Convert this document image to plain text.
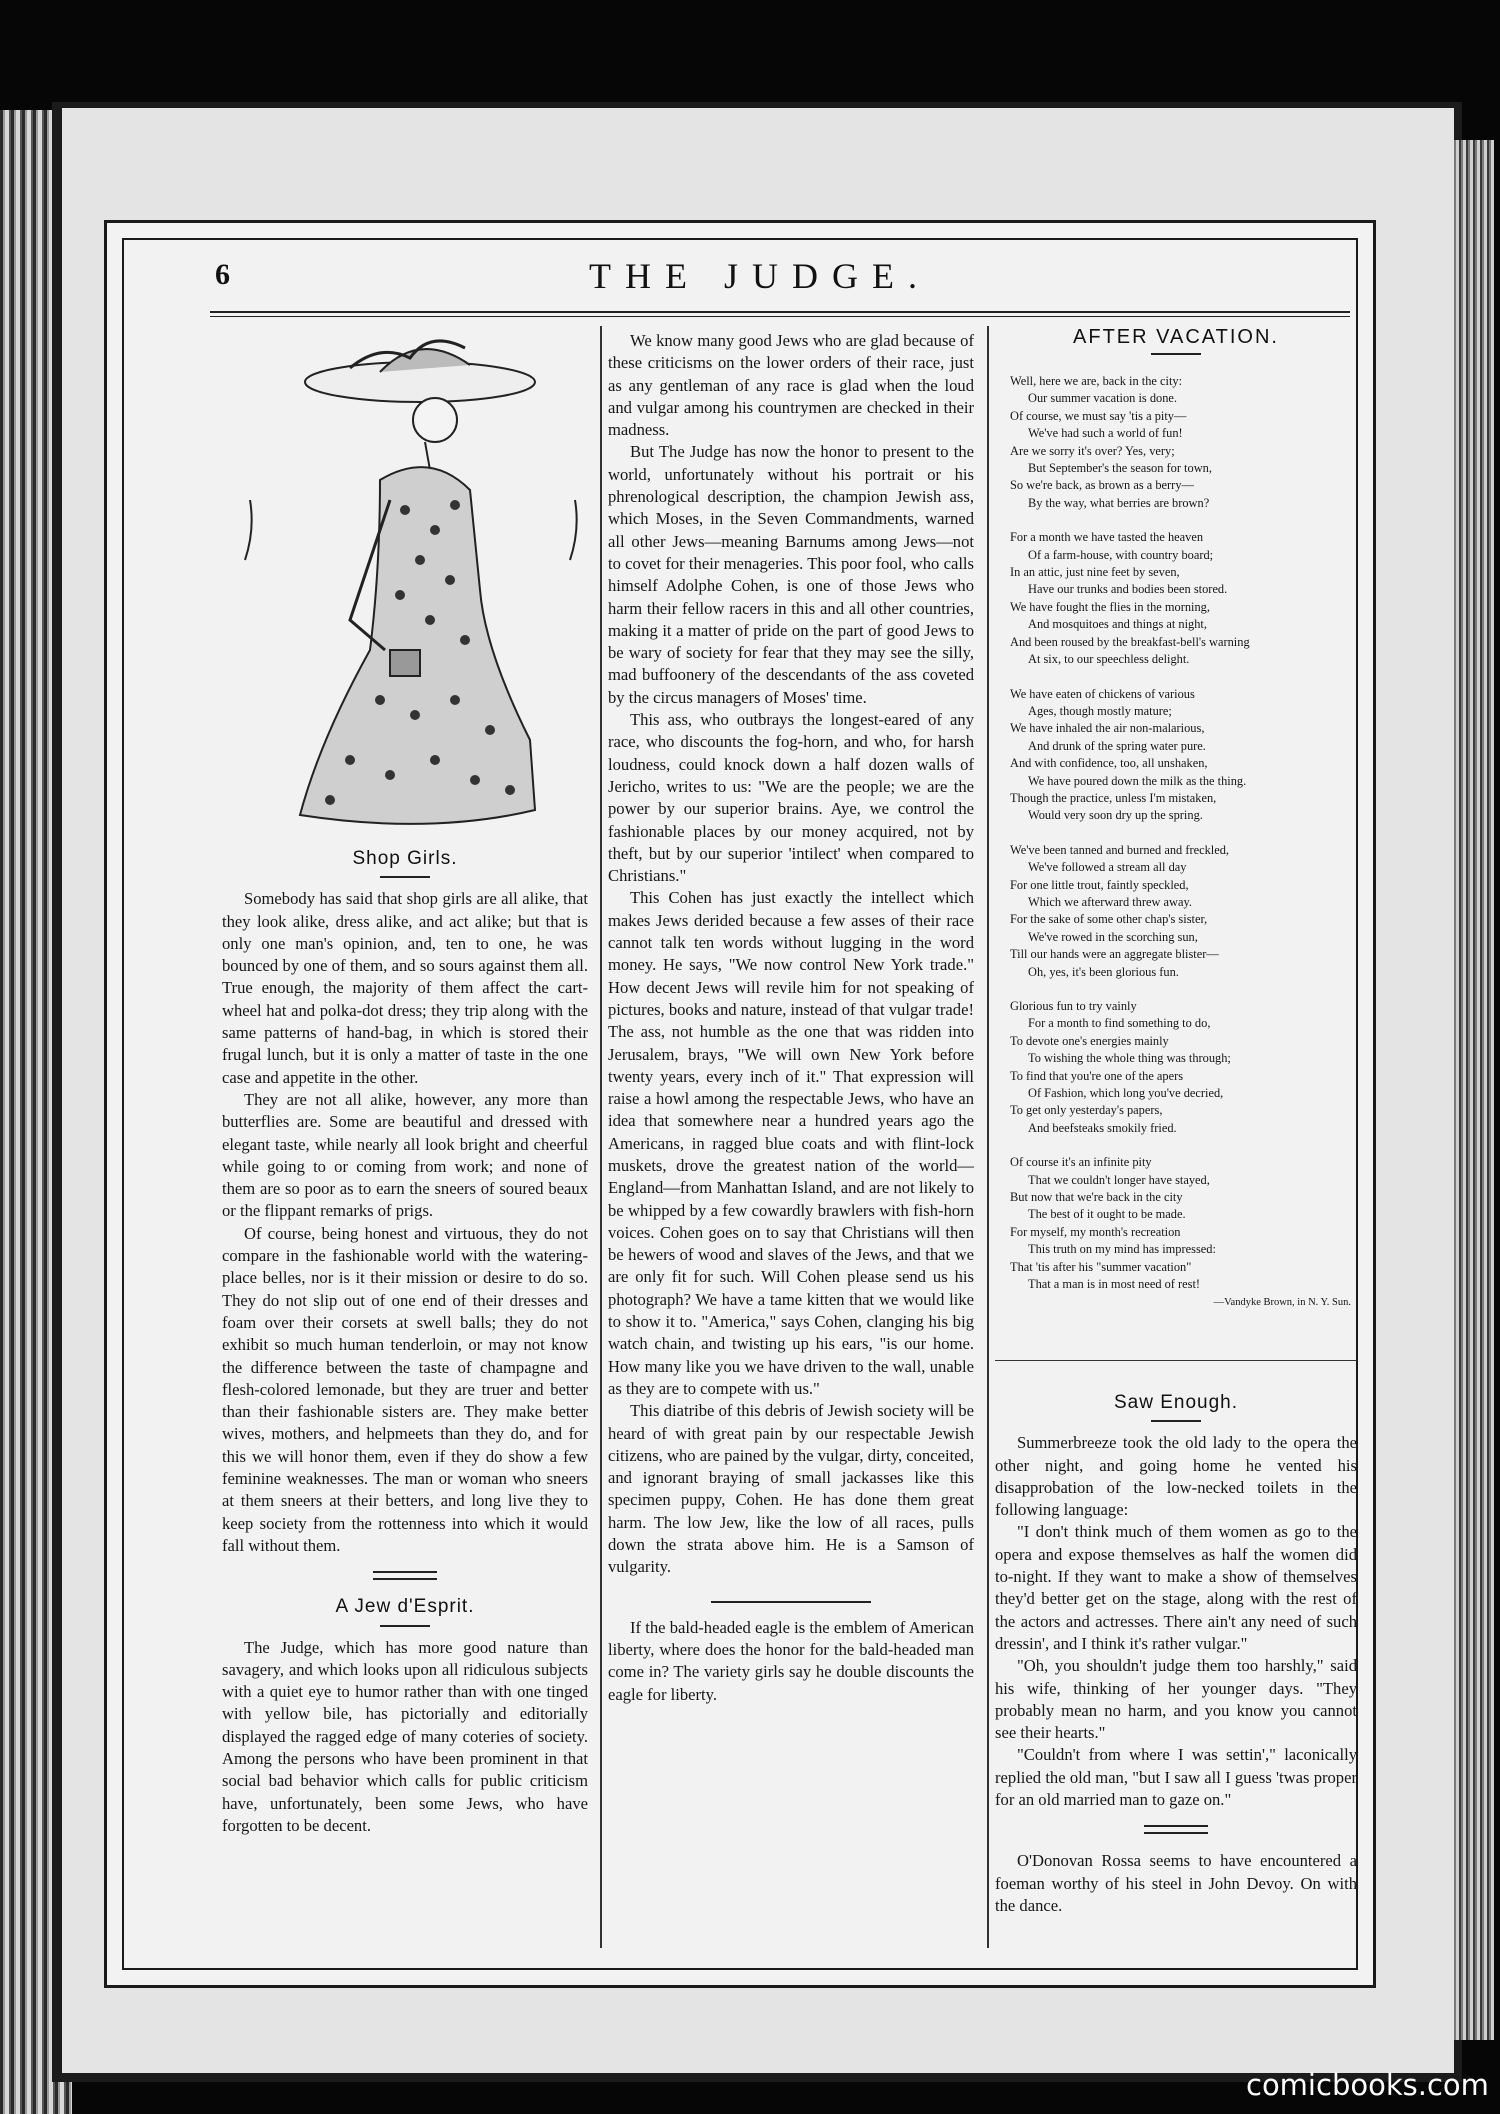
6	THE JUDGE.
Shop Girls.

Somebody has said that shop girls are all alike, that they look alike, dress alike, and act alike; but that is only one man's opinion, and, ten to one, he was bounced by one of them, and so sours against them all. True enough, the majority of them affect the cart-wheel hat and polka-dot dress; they trip along with the same patterns of hand-bag, in which is stored their frugal lunch, but it is only a matter of taste in the one case and appetite in the other.

They are not all alike, however, any more than butterflies are. Some are beautiful and dressed with elegant taste, while nearly all look bright and cheerful while going to or coming from work; and none of them are so poor as to earn the sneers of soured beaux or the flippant remarks of prigs.

Of course, being honest and virtuous, they do not compare in the fashionable world with the watering-place belles, nor is it their mission or desire to do so. They do not slip out of one end of their dresses and foam over their corsets at swell balls; they do not exhibit so much human tenderloin, or may not know the difference between the taste of champagne and flesh-colored lemonade, but they are truer and better than their fashionable sisters are. They make better wives, mothers, and helpmeets than they do, and for this we will honor them, even if they do show a few feminine weaknesses. The man or woman who sneers at them sneers at their betters, and long live they to keep society from the rottenness into which it would fall without them.

A Jew d'Esprit.

The Judge, which has more good nature than savagery, and which looks upon all ridiculous subjects with a quiet eye to humor rather than with one tinged with yellow bile, has pictorially and editorially displayed the ragged edge of many coteries of society. Among the persons who have been prominent in that social bad behavior which calls for public criticism have, unfortunately, been some Jews, who have forgotten to be decent.

We know many good Jews who are glad because of these criticisms on the lower orders of their race, just as any gentleman of any race is glad when the loud and vulgar among his countrymen are checked in their madness.

But The Judge has now the honor to present to the world, unfortunately without his portrait or his phrenological description, the champion Jewish ass, which Moses, in the Seven Commandments, warned all other Jews—meaning Barnums among Jews—not to covet for their menageries. This poor fool, who calls himself Adolphe Cohen, is one of those Jews who harm their fellow racers in this and all other countries, making it a matter of pride on the part of good Jews to be wary of society for fear that they may see the silly, mad buffoonery of the descendants of the ass coveted by the circus managers of Moses' time.

This ass, who outbrays the longest-eared of any race, who discounts the fog-horn, and who, for harsh loudness, could knock down a half dozen walls of Jericho, writes to us: "We are the people; we are the power by our superior brains. Aye, we control the fashionable places by our money acquired, not by theft, but by our superior 'intilect' when compared to Christians."

This Cohen has just exactly the intellect which makes Jews derided because a few asses of their race cannot talk ten words without lugging in the word money. He says, "We now control New York trade." How decent Jews will revile him for not speaking of pictures, books and nature, instead of that vulgar trade! The ass, not humble as the one that was ridden into Jerusalem, brays, "We will own New York before twenty years, every inch of it." That expression will raise a howl among the respectable Jews, who have an idea that somewhere near a hundred years ago the Americans, in ragged blue coats and with flint-lock muskets, drove the greatest nation of the world—England—from Manhattan Island, and are not likely to be whipped by a few cowardly brawlers with fish-horn voices. Cohen goes on to say that Christians will then be hewers of wood and slaves of the Jews, and that we are only fit for such. Will Cohen please send us his photograph? We have a tame kitten that we would like to show it to. "America," says Cohen, clanging his big watch chain, and twisting up his ears, "is our home. How many like you we have driven to the wall, unable as they are to compete with us."

This diatribe of this debris of Jewish society will be heard of with great pain by our respectable Jewish citizens, who are pained by the vulgar, dirty, conceited, and ignorant braying of small jackasses like this specimen puppy, Cohen. He has done them great harm. The low Jew, like the low of all races, pulls down the strata above him. He is a Samson of vulgarity.

If the bald-headed eagle is the emblem of American liberty, where does the honor for the bald-headed man come in? The variety girls say he double discounts the eagle for liberty.

AFTER VACATION.
Well, here we are, back in the city:
Our summer vacation is done.
Of course, we must say 'tis a pity—
We've had such a world of fun!
Are we sorry it's over? Yes, very;
But September's the season for town,
So we're back, as brown as a berry—
By the way, what berries are brown?
For a month we have tasted the heaven
Of a farm-house, with country board;
In an attic, just nine feet by seven,
Have our trunks and bodies been stored.
We have fought the flies in the morning,
And mosquitoes and things at night,
And been roused by the breakfast-bell's warning
At six, to our speechless delight.
We have eaten of chickens of various
Ages, though mostly mature;
We have inhaled the air non-malarious,
And drunk of the spring water pure.
And with confidence, too, all unshaken,
We have poured down the milk as the thing.
Though the practice, unless I'm mistaken,
Would very soon dry up the spring.
We've been tanned and burned and freckled,
We've followed a stream all day
For one little trout, faintly speckled,
Which we afterward threw away.
For the sake of some other chap's sister,
We've rowed in the scorching sun,
Till our hands were an aggregate blister—
Oh, yes, it's been glorious fun.
Glorious fun to try vainly
For a month to find something to do,
To devote one's energies mainly
To wishing the whole thing was through;
To find that you're one of the apers
Of Fashion, which long you've decried,
To get only yesterday's papers,
And beefsteaks smokily fried.
Of course it's an infinite pity
That we couldn't longer have stayed,
But now that we're back in the city
The best of it ought to be made.
For myself, my month's recreation
This truth on my mind has impressed:
That 'tis after his "summer vacation"
That a man is in most need of rest!
—Vandyke Brown, in N. Y. Sun.
Saw Enough.

Summerbreeze took the old lady to the opera the other night, and going home he vented his disapprobation of the low-necked toilets in the following language:

"I don't think much of them women as go to the opera and expose themselves as half the women did to-night. If they want to make a show of themselves they'd better get on the stage, along with the rest of the actors and actresses. There ain't any need of such dressin', and I think it's rather vulgar."

"Oh, you shouldn't judge them too harshly," said his wife, thinking of her younger days. "They probably mean no harm, and you know you cannot see their hearts."

"Couldn't from where I was settin'," laconically replied the old man, "but I saw all I guess 'twas proper for an old married man to gaze on."

O'Donovan Rossa seems to have encountered a foeman worthy of his steel in John Devoy. On with the dance.

comicbooks.com
